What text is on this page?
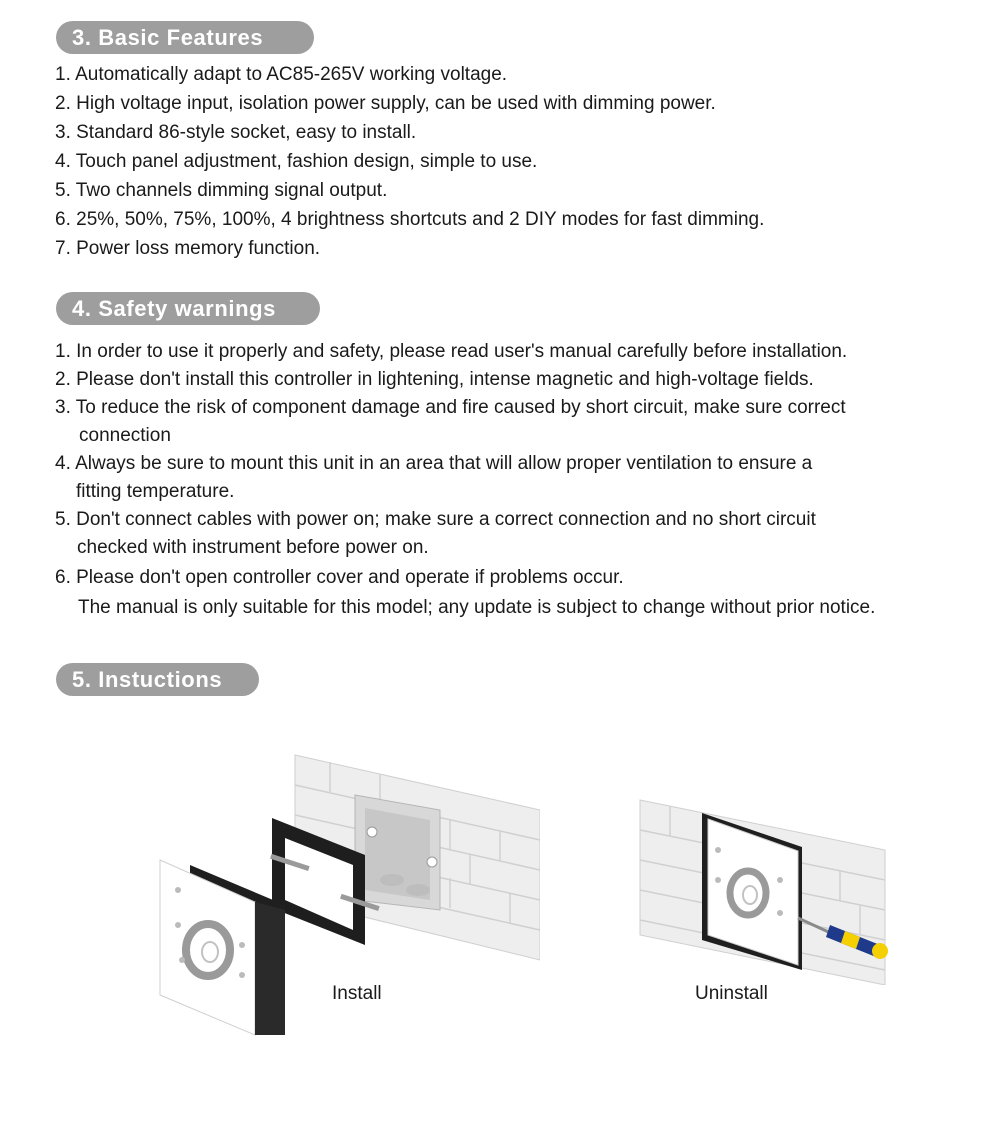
3. Basic Features
1. Automatically adapt to AC85-265V working voltage.
2. High voltage input, isolation power supply, can be used with dimming power.
3. Standard 86-style socket, easy to install.
4. Touch panel adjustment, fashion design, simple to use.
5. Two channels dimming signal output.
6. 25%, 50%, 75%, 100%, 4 brightness shortcuts and 2 DIY modes for fast dimming.
7. Power loss memory function.
4. Safety warnings
1. In order to use it properly and safety, please read user's manual carefully before installation.
2. Please don't install this controller in lightening, intense magnetic and high-voltage fields.
3. To reduce the risk of component damage and fire caused by short circuit, make sure correct
connection
4. Always be sure to mount this unit in an area that will allow proper ventilation to ensure a
fitting temperature.
5. Don't connect cables with power on; make sure a correct connection and no short circuit
checked with instrument before power on.
6. Please don't open controller cover and operate if problems occur.
The manual is only suitable for this model; any update is subject to change without prior notice.
5. Instuctions
Install	Uninstall
